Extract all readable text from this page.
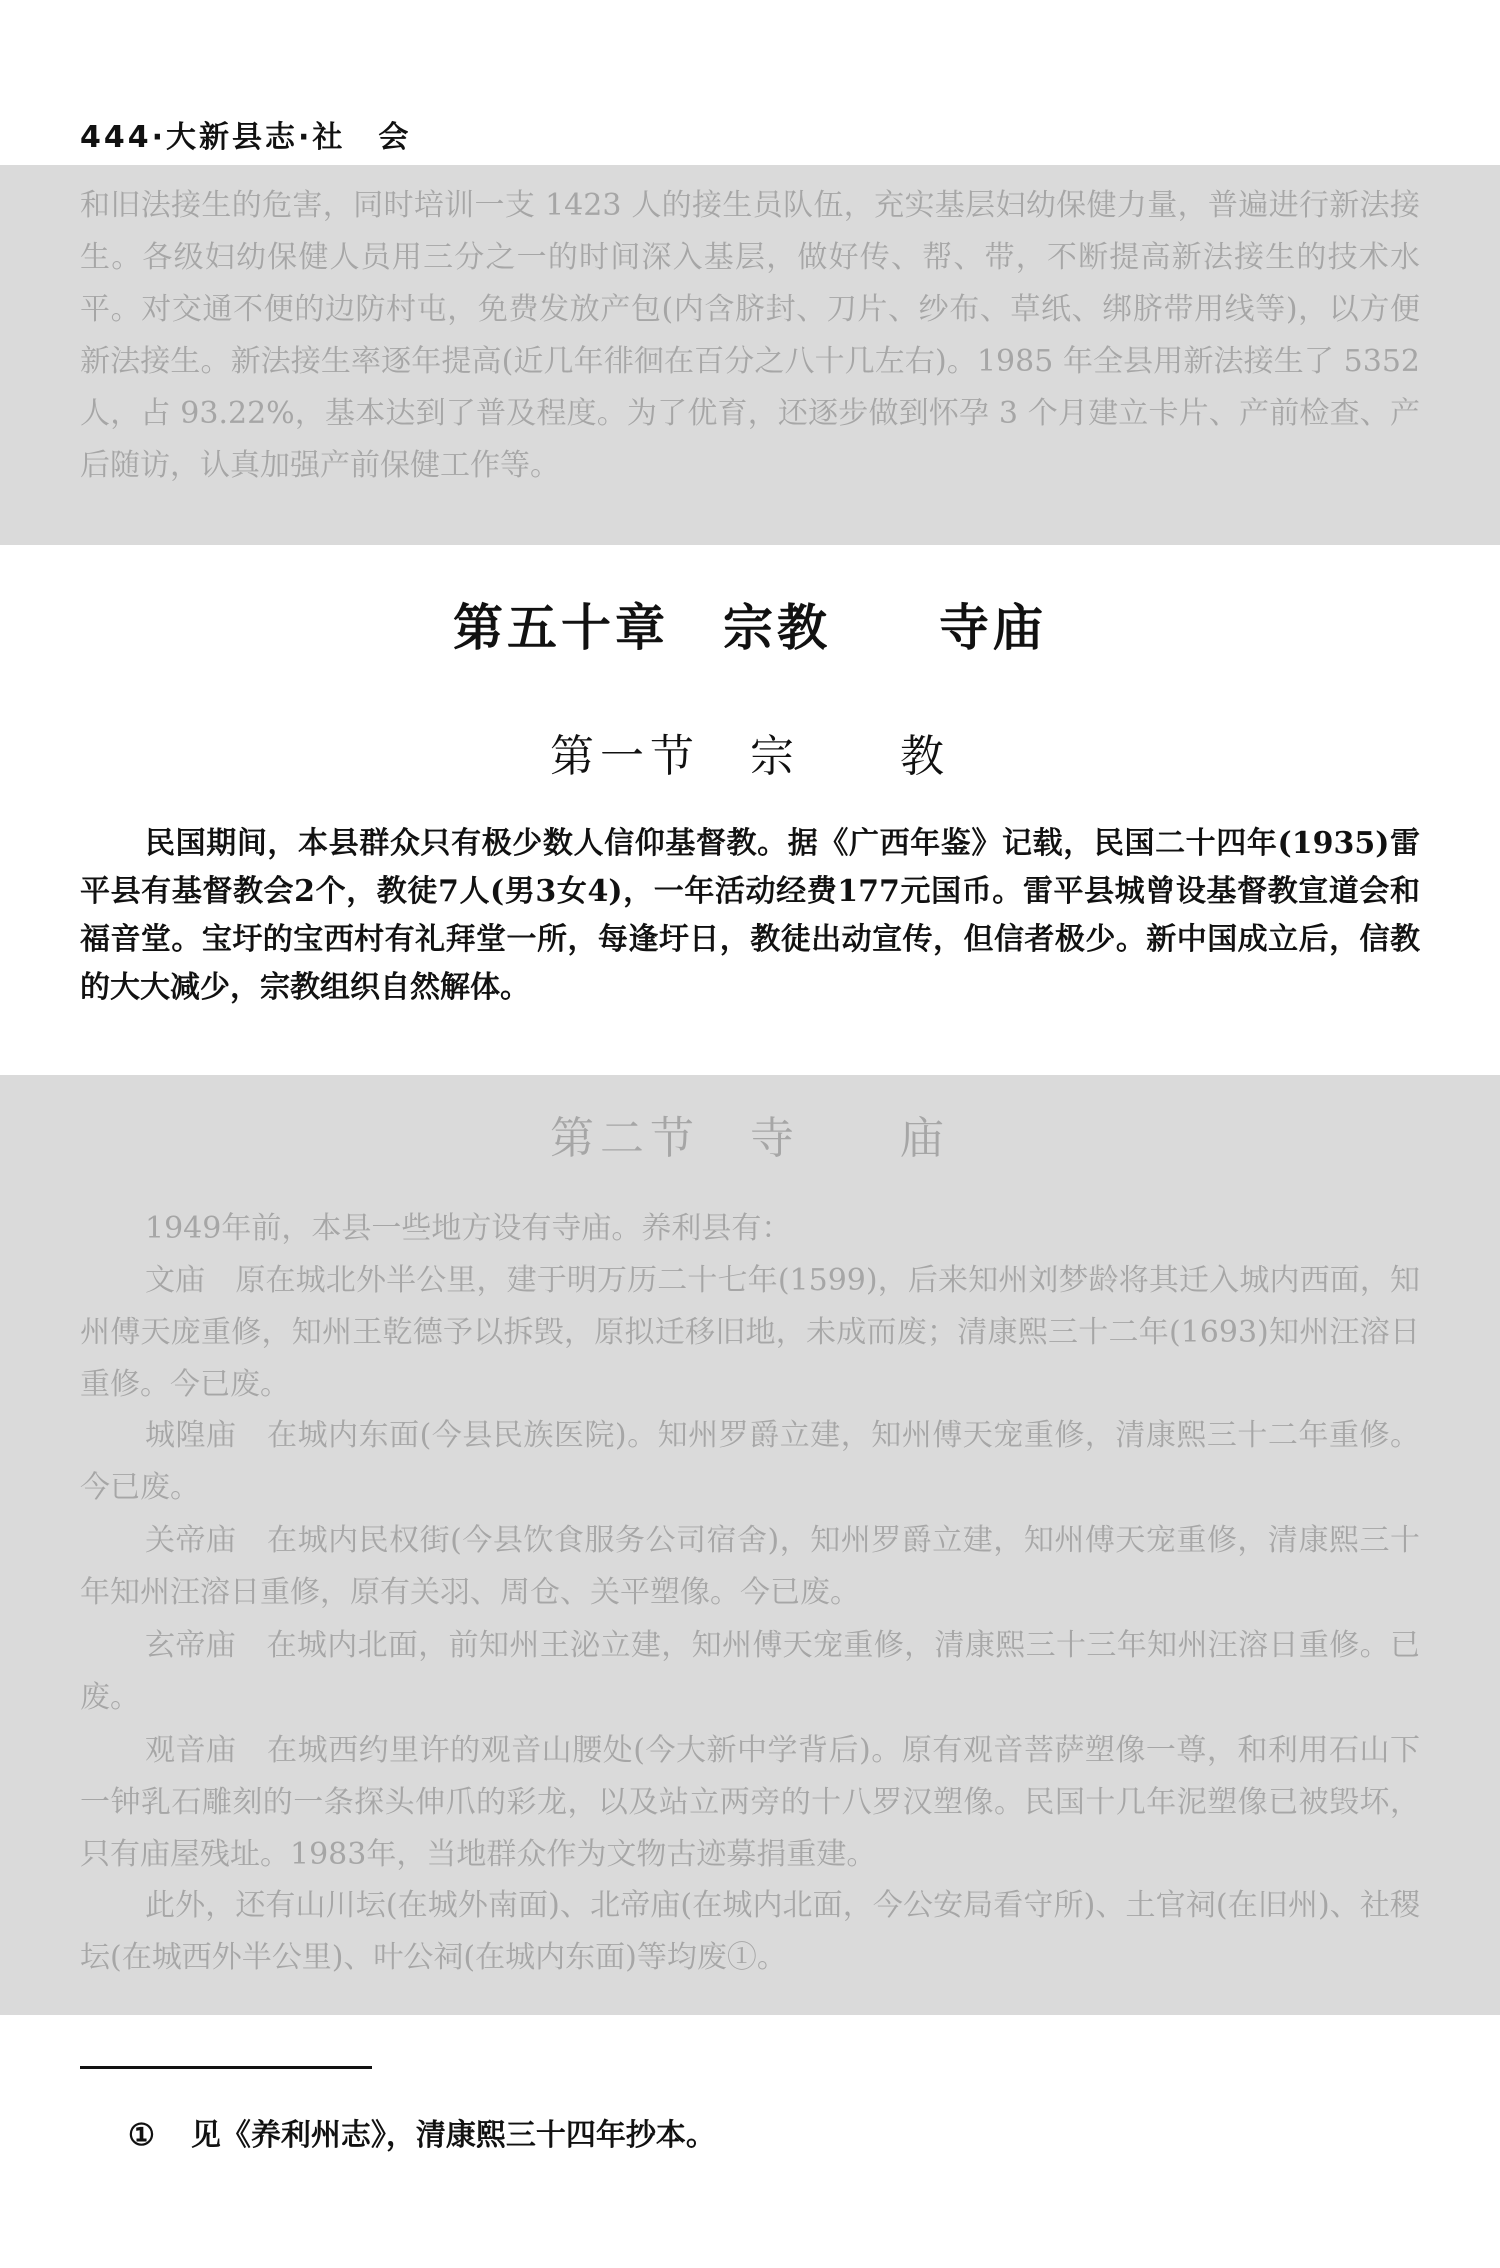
444·大新县志·社　会

和旧法接生的危害，同时培训一支 1423 人的接生员队伍，充实基层妇幼保健力量，普遍进行新法接生。各级妇幼保健人员用三分之一的时间深入基层，做好传、帮、带，不断提高新法接生的技术水平。对交通不便的边防村屯，免费发放产包(内含脐封、刀片、纱布、草纸、绑脐带用线等)，以方便新法接生。新法接生率逐年提高(近几年徘徊在百分之八十几左右)。1985 年全县用新法接生了 5352 人，占 93.22%，基本达到了普及程度。为了优育，还逐步做到怀孕 3 个月建立卡片、产前检查、产后随访，认真加强产前保健工作等。

第五十章　宗教　　寺庙
第一节　宗　　教

民国期间，本县群众只有极少数人信仰基督教。据《广西年鉴》记载，民国二十四年(1935)雷平县有基督教会2个，教徒7人(男3女4)，一年活动经费177元国币。雷平县城曾设基督教宣道会和福音堂。宝圩的宝西村有礼拜堂一所，每逢圩日，教徒出动宣传，但信者极少。新中国成立后，信教的大大减少，宗教组织自然解体。

第二节　寺　　庙

1949年前，本县一些地方设有寺庙。养利县有：

文庙　原在城北外半公里，建于明万历二十七年(1599)，后来知州刘梦龄将其迁入城内西面，知州傅天庞重修，知州王乾德予以拆毁，原拟迁移旧地，未成而废；清康熙三十二年(1693)知州汪溶日重修。今已废。

城隍庙　在城内东面(今县民族医院)。知州罗爵立建，知州傅天宠重修，清康熙三十二年重修。今已废。

关帝庙　在城内民权街(今县饮食服务公司宿舍)，知州罗爵立建，知州傅天宠重修，清康熙三十年知州汪溶日重修，原有关羽、周仓、关平塑像。今已废。

玄帝庙　在城内北面，前知州王泌立建，知州傅天宠重修，清康熙三十三年知州汪溶日重修。已废。

观音庙　在城西约里许的观音山腰处(今大新中学背后)。原有观音菩萨塑像一尊，和利用石山下一钟乳石雕刻的一条探头伸爪的彩龙，以及站立两旁的十八罗汉塑像。民国十几年泥塑像已被毁坏，只有庙屋残址。1983年，当地群众作为文物古迹募捐重建。

此外，还有山川坛(在城外南面)、北帝庙(在城内北面，今公安局看守所)、土官祠(在旧州)、社稷坛(在城西外半公里)、叶公祠(在城内东面)等均废①。

① 见《养利州志》，清康熙三十四年抄本。
